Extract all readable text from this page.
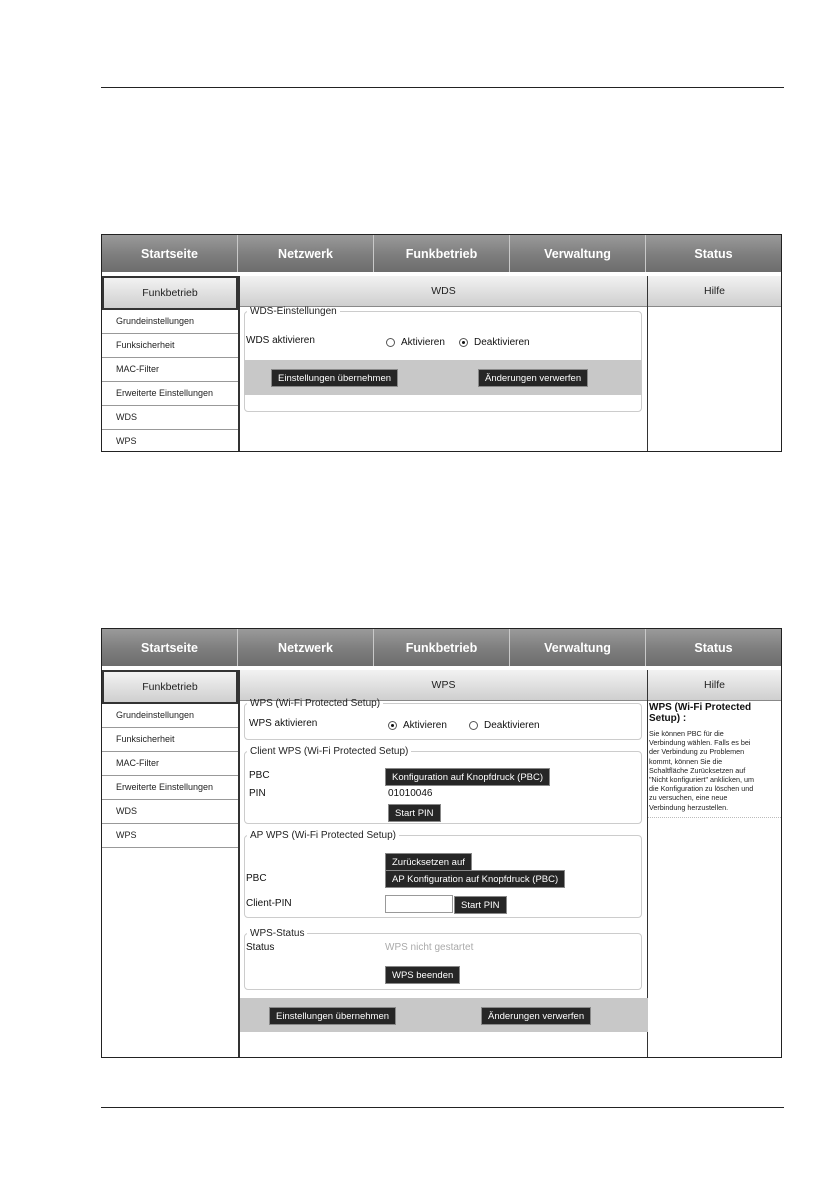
Startseite	Netzwerk	Funkbetrieb	Verwaltung	Status
Funkbetrieb
Grundeinstellungen
Funksicherheit
MAC-Filter
Erweiterte Einstellungen
WDS
WPS
WDS
WDS-Einstellungen
WDS aktivieren	Aktivieren	Deaktivieren
Einstellungen übernehmen	Änderungen verwerfen
Hilfe
Startseite	Netzwerk	Funkbetrieb	Verwaltung	Status
Funkbetrieb
Grundeinstellungen
Funksicherheit
MAC-Filter
Erweiterte Einstellungen
WDS
WPS
WPS
WPS (Wi-Fi Protected Setup)
WPS aktivieren	Aktivieren	Deaktivieren
Client WPS (Wi-Fi Protected Setup)
PBC	Konfiguration auf Knopfdruck (PBC)
PIN	01010046
Start PIN
AP WPS (Wi-Fi Protected Setup)
Zurücksetzen auf
PBC	AP Konfiguration auf Knopfdruck (PBC)
Client-PIN	Start PIN
WPS-Status
Status	WPS nicht gestartet
WPS beenden
Einstellungen übernehmen	Änderungen verwerfen
Hilfe
WPS (Wi-Fi Protected Setup) :
Sie können PBC für die
Verbindung wählen. Falls es bei
der Verbindung zu Problemen
kommt, können Sie die
Schaltfläche Zurücksetzen auf
"Nicht konfiguriert" anklicken, um
die Konfiguration zu löschen und
zu versuchen, eine neue
Verbindung herzustellen.
